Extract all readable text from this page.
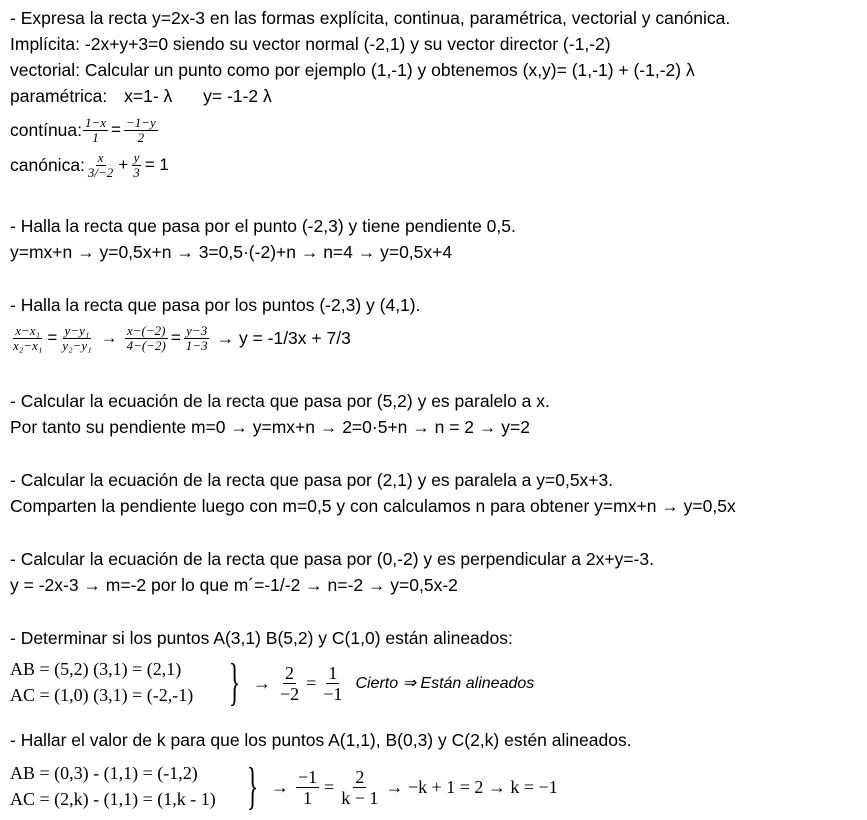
- Expresa la recta y=2x-3 en las formas explícita, continua, paramétrica, vectorial y canónica.
Implícita: -2x+y+3=0 siendo su vector normal (-2,1) y su vector director (-1,-2)
vectorial: Calcular un punto como por ejemplo (1,-1) y obtenemos (x,y)= (1,-1) + (-1,-2) λ
paramétrica: x=1- λ y= -1-2 λ
contínua: $\frac{1-x}{1} = \frac{-1-y}{2}$
canónica: $\frac{x}{3/-2} + \frac{y}{3} = 1$
- Halla la recta que pasa por el punto (-2,3) y tiene pendiente 0,5.
y=mx+n → y=0,5x+n → 3=0,5·(-2)+n → n=4 → y=0,5x+4
- Halla la recta que pasa por los puntos (-2,3) y (4,1).
$\frac{\text{x−x₁}}{\text{x₂−x₁}} = \frac{\text{y−y₁}}{\text{y₂−y₁}} \to \frac{x-(-2)}{4-(-2)} = \frac{y-3}{1-3} \to y = -1/3x + 7/3$
- Calcular la ecuación de la recta que pasa por (5,2) y es paralelo a x.
Por tanto su pendiente m=0 → y=mx+n → 2=0·5+n → n = 2 → y=2
- Calcular la ecuación de la recta que pasa por (2,1) y es paralela a y=0,5x+3.
Comparten la pendiente luego con m=0,5 y con calculamos n para obtener y=mx+n → y=0,5x
- Calcular la ecuación de la recta que pasa por (0,-2) y es perpendicular a 2x+y=-3.
y = -2x-3 → m=-2 por lo que m´=-1/-2 → n=-2 → y=0,5x-2
- Determinar si los puntos A(3,1) B(5,2) y C(1,0) están alineados:
AB = (5,2) (3,1) = (2,1)
AC = (1,0) (3,1) = (-2,-1) } → $\frac{2}{-2} = \frac{1}{-1}$ Cierto ⇒ Están alineados
- Hallar el valor de k para que los puntos A(1,1), B(0,3) y C(2,k) estén alineados.
AB = (0,3) - (1,1) = (-1,2)
AC = (2,k) - (1,1) = (1,k - 1) } → $\frac{-1}{1} = \frac{2}{k - 1} \to -k + 1 = 2 \to k = -1$
